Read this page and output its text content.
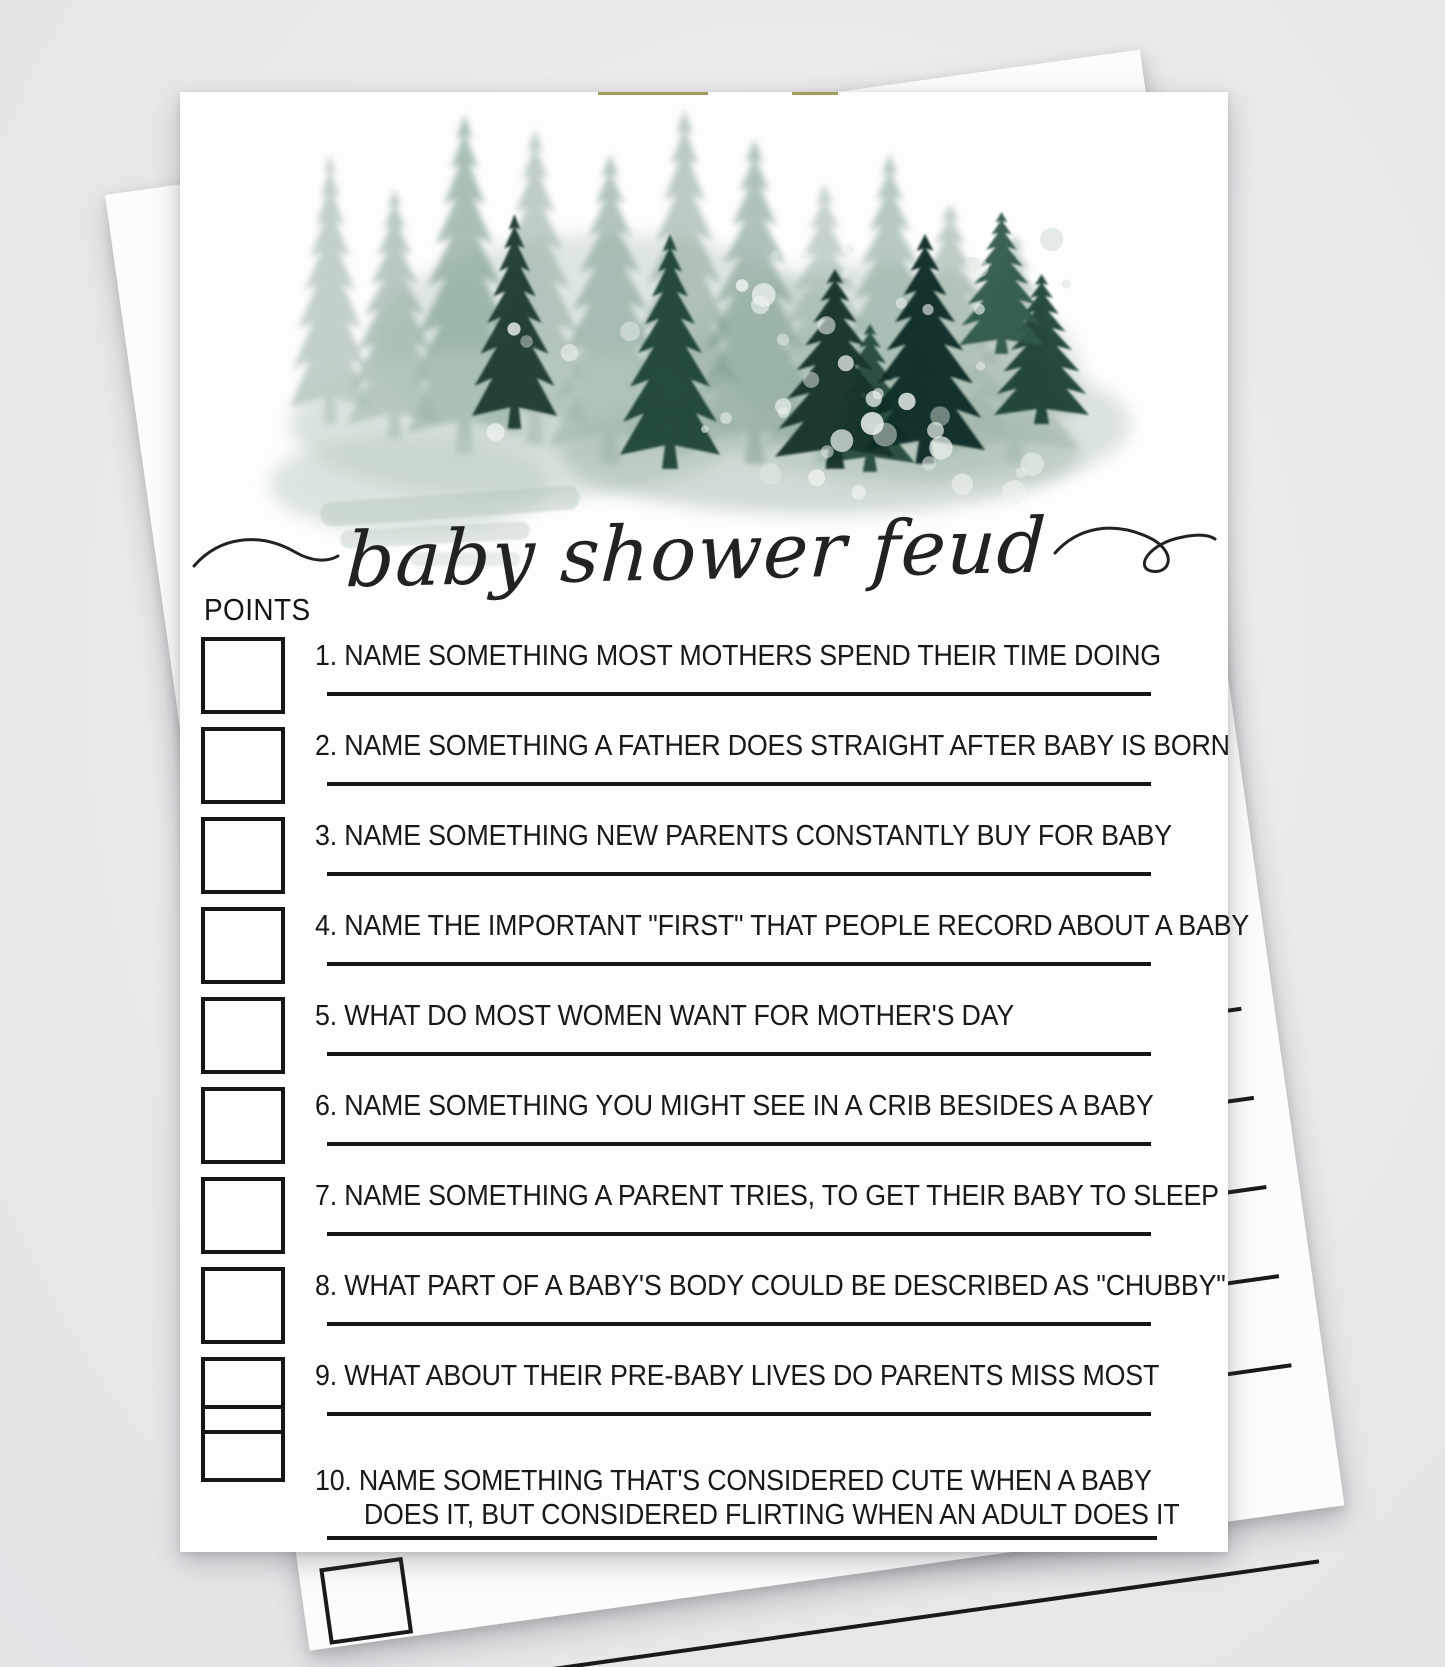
baby shower feud
POINTS
1. NAME SOMETHING MOST MOTHERS SPEND THEIR TIME DOING
2. NAME SOMETHING A FATHER DOES STRAIGHT AFTER BABY IS BORN
3. NAME SOMETHING NEW PARENTS CONSTANTLY BUY FOR BABY
4. NAME THE IMPORTANT "FIRST" THAT PEOPLE RECORD ABOUT A BABY
5. WHAT DO MOST WOMEN WANT FOR MOTHER'S DAY
6. NAME SOMETHING YOU MIGHT SEE IN A CRIB BESIDES A BABY
7. NAME SOMETHING A PARENT TRIES, TO GET THEIR BABY TO SLEEP
8. WHAT PART OF A BABY'S BODY COULD BE DESCRIBED AS "CHUBBY"
9. WHAT ABOUT THEIR PRE-BABY LIVES DO PARENTS MISS MOST
10. NAME SOMETHING THAT'S CONSIDERED CUTE WHEN A BABY
DOES IT, BUT CONSIDERED FLIRTING WHEN AN ADULT DOES IT
